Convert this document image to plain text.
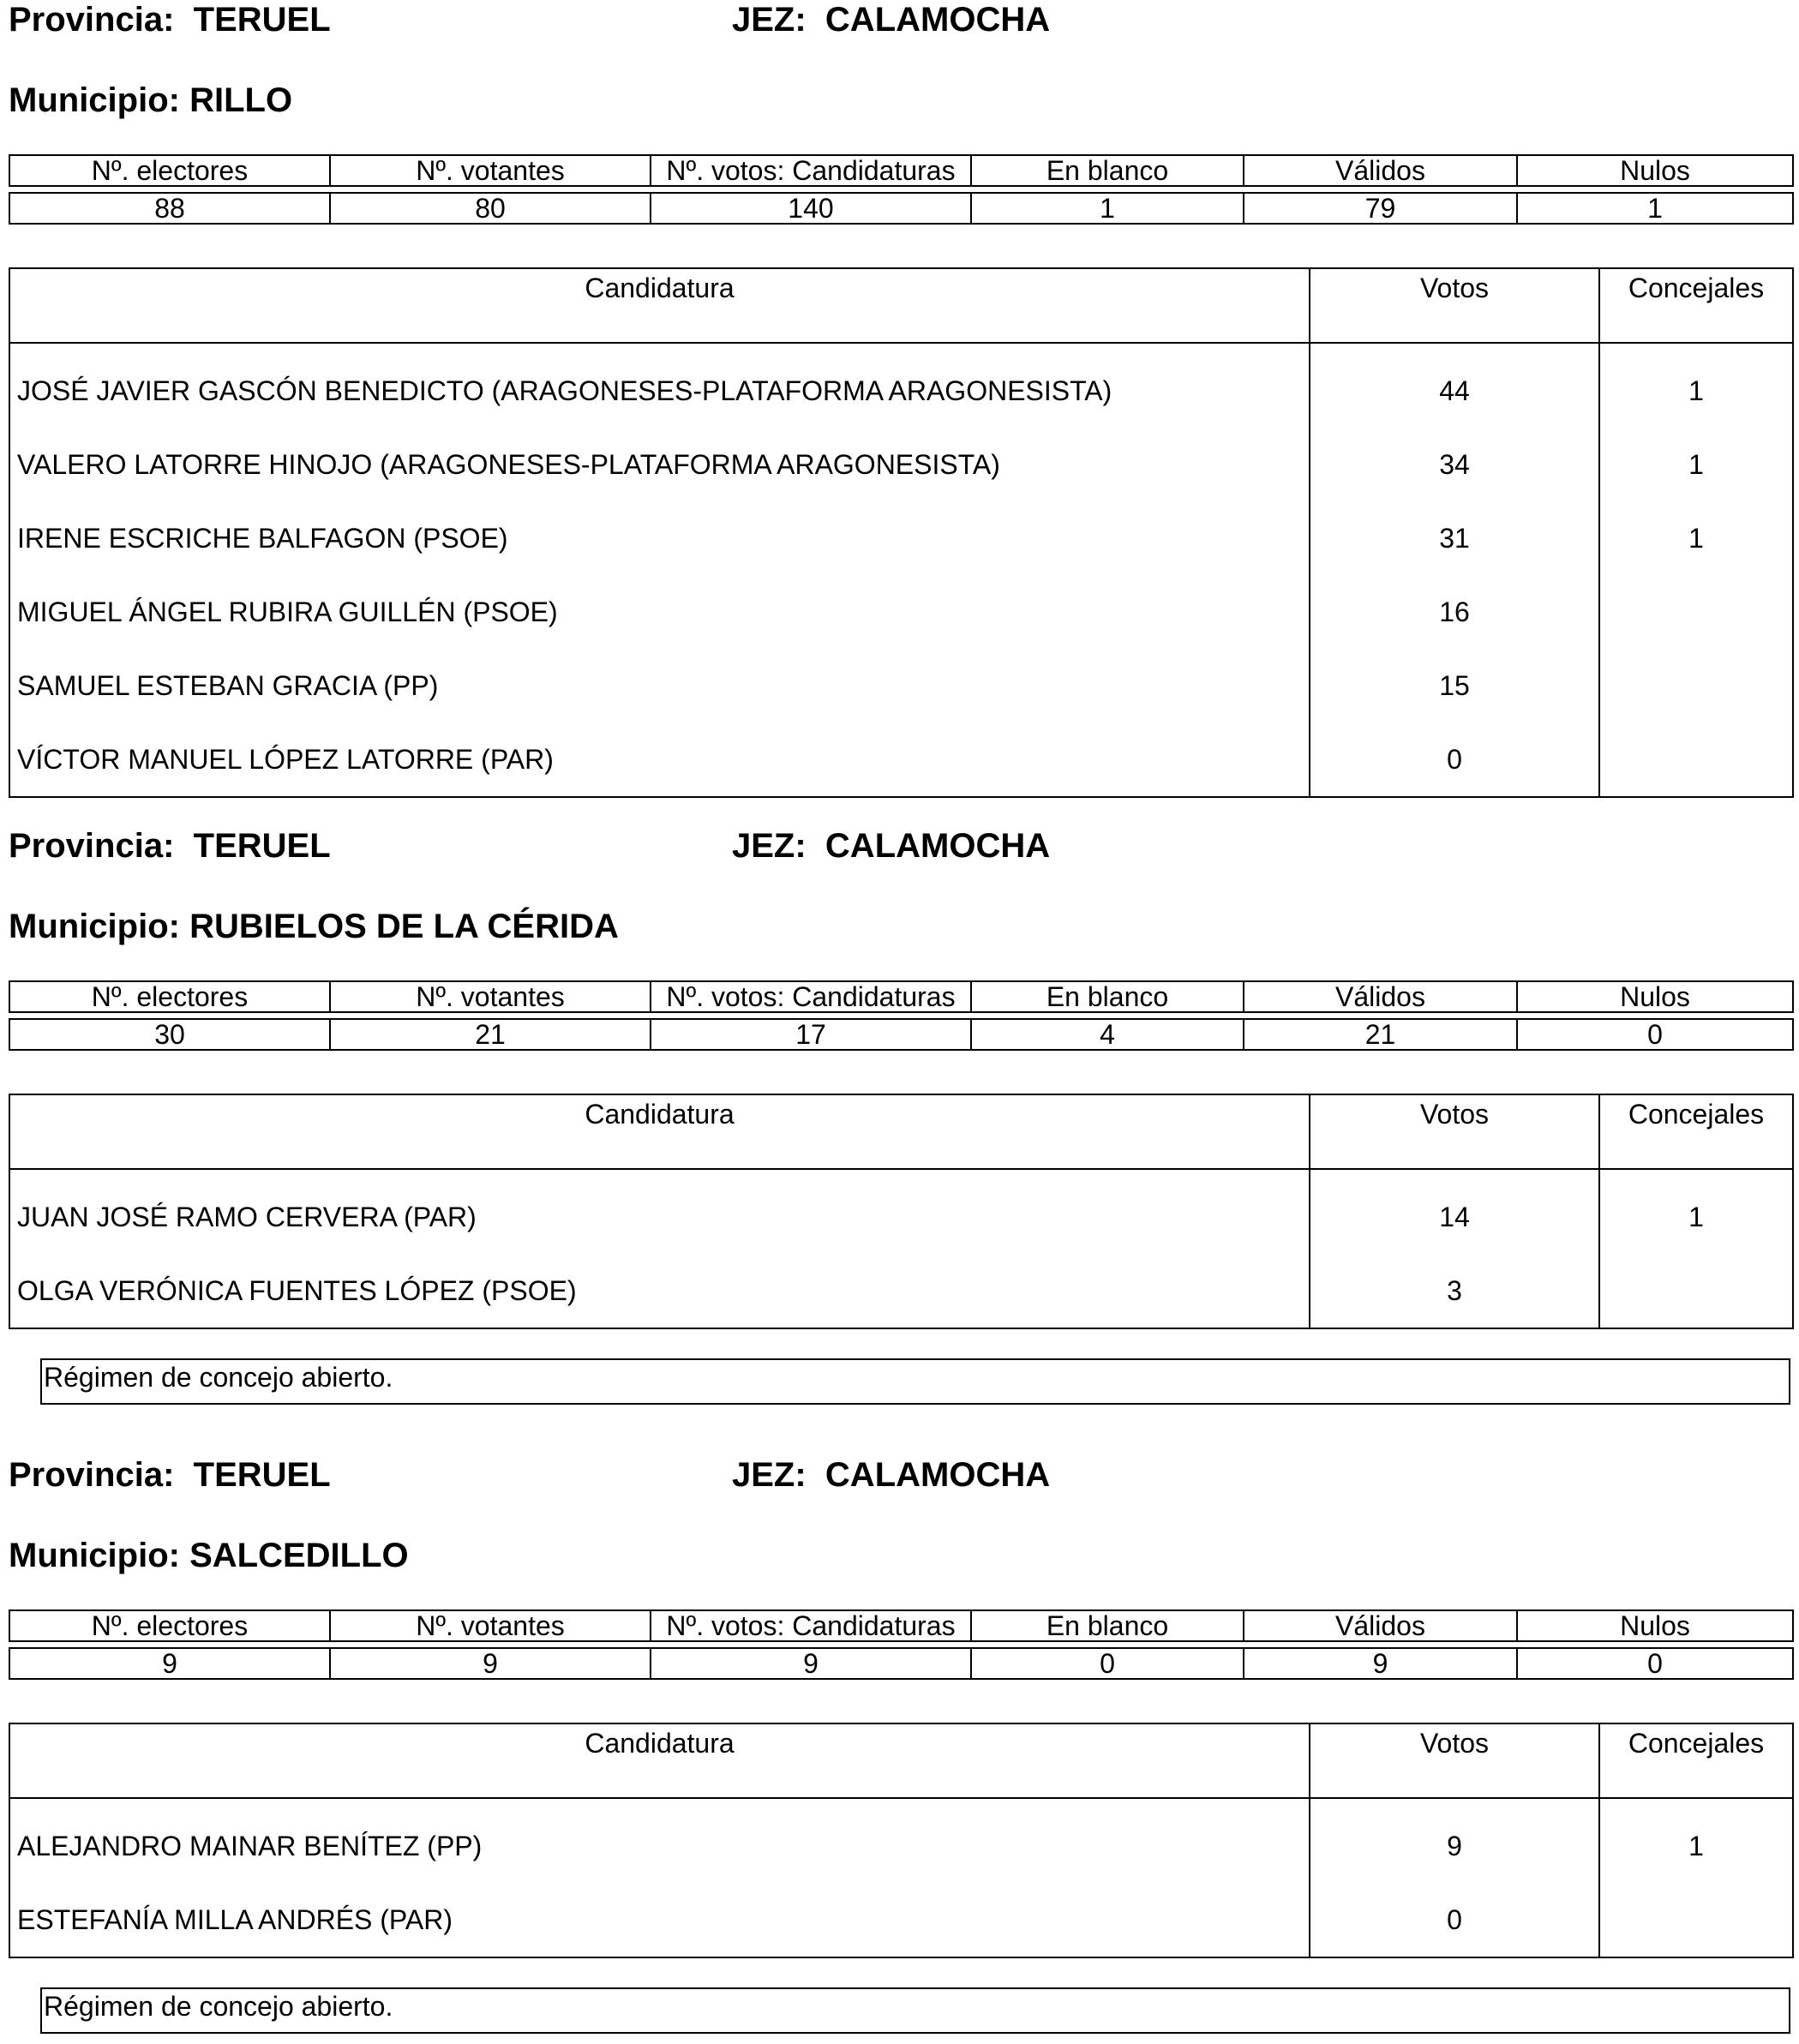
Provincia: TERUEL	JEZ: CALAMOCHA
Municipio: RILLO
Nº. electores	Nº. votantes	Nº. votos: Candidaturas	En blanco	Válidos	Nulos
88	80	140	1	79	1
Candidatura	Votos	Concejales
JOSÉ JAVIER GASCÓN BENEDICTO (ARAGONESES-PLATAFORMA ARAGONESISTA)	44	1
VALERO LATORRE HINOJO (ARAGONESES-PLATAFORMA ARAGONESISTA)	34	1
IRENE ESCRICHE BALFAGON (PSOE)	31	1
MIGUEL ÁNGEL RUBIRA GUILLÉN (PSOE)	16	
SAMUEL ESTEBAN GRACIA (PP)	15	
VÍCTOR MANUEL LÓPEZ LATORRE (PAR)	0	
Provincia: TERUEL	JEZ: CALAMOCHA
Municipio: RUBIELOS DE LA CÉRIDA
Nº. electores	Nº. votantes	Nº. votos: Candidaturas	En blanco	Válidos	Nulos
30	21	17	4	21	0
Candidatura	Votos	Concejales
JUAN JOSÉ RAMO CERVERA (PAR)	14	1
OLGA VERÓNICA FUENTES LÓPEZ (PSOE)	3	
Régimen de concejo abierto.
Provincia: TERUEL	JEZ: CALAMOCHA
Municipio: SALCEDILLO
Nº. electores	Nº. votantes	Nº. votos: Candidaturas	En blanco	Válidos	Nulos
9	9	9	0	9	0
Candidatura	Votos	Concejales
ALEJANDRO MAINAR BENÍTEZ (PP)	9	1
ESTEFANÍA MILLA ANDRÉS (PAR)	0	
Régimen de concejo abierto.
